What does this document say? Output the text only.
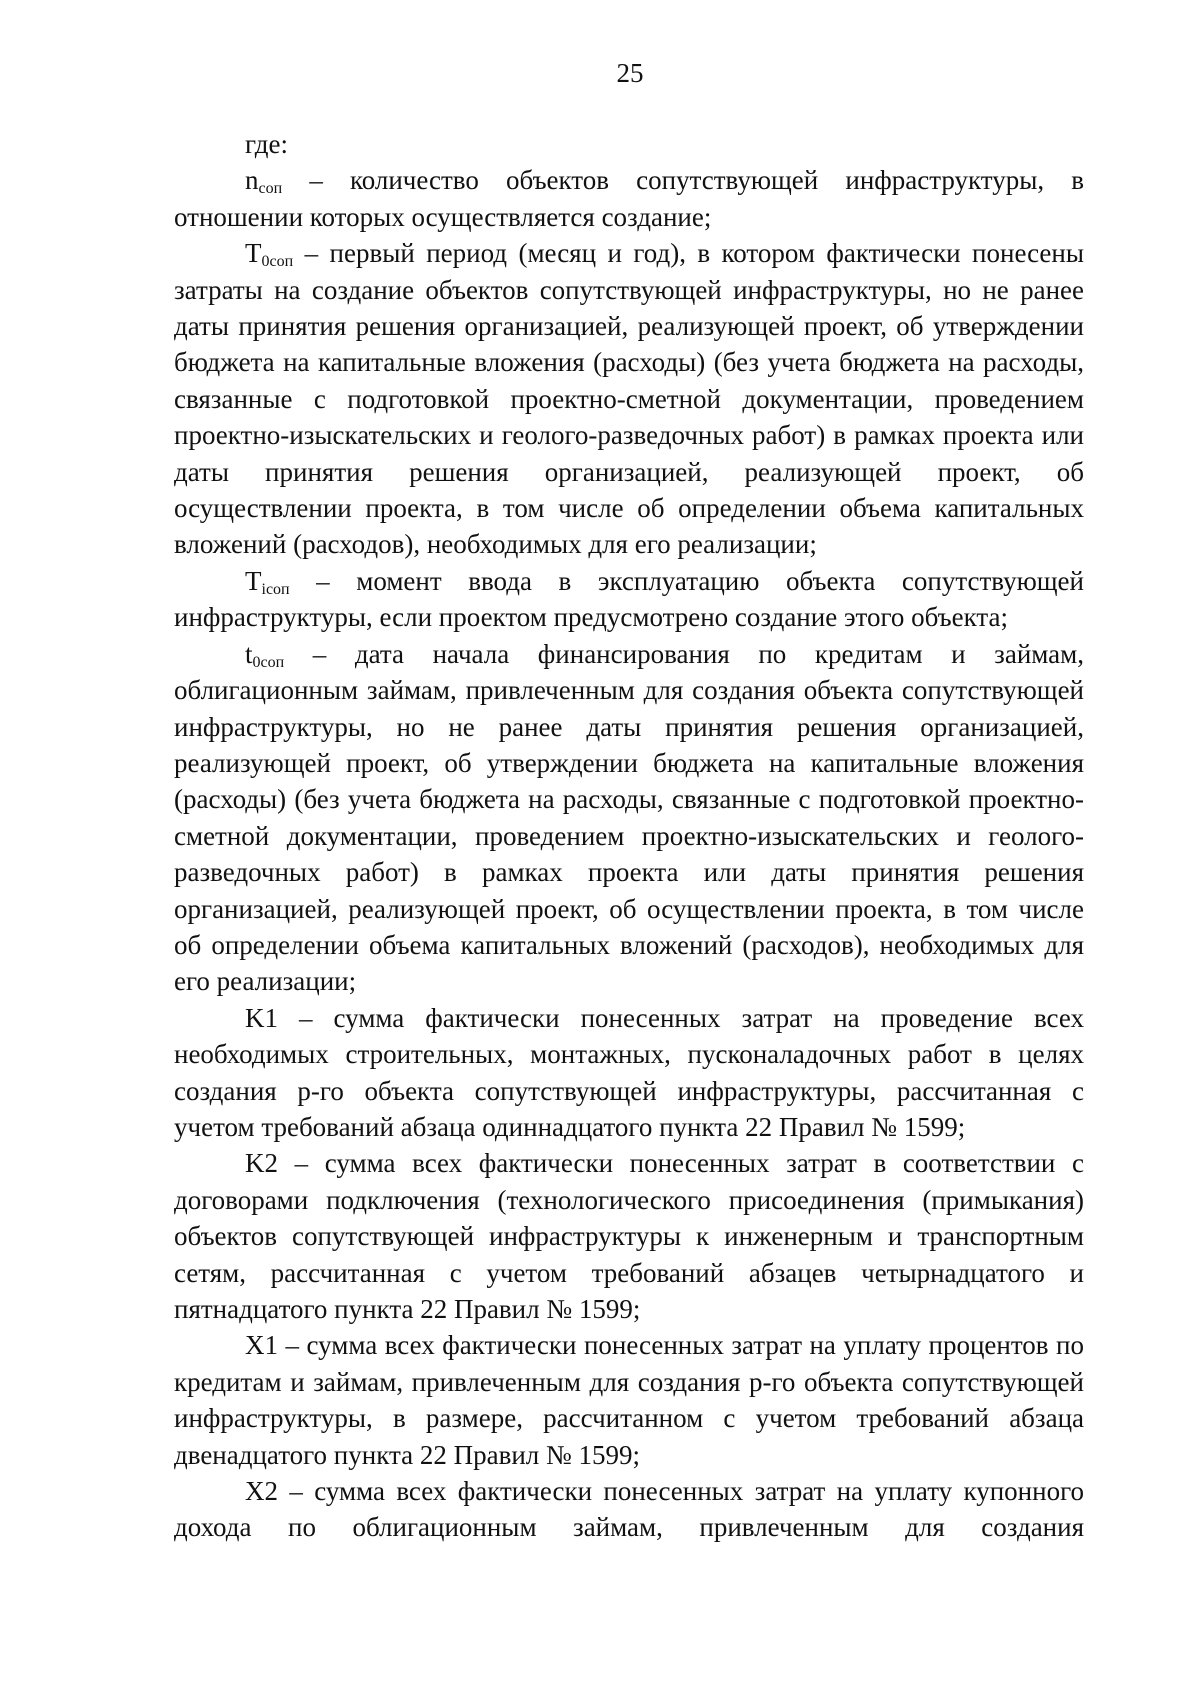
25

где:

nсоп – количество объектов сопутствующей инфраструктуры, в отношении которых осуществляется создание;

T0соп – первый период (месяц и год), в котором фактически понесены затраты на создание объектов сопутствующей инфраструктуры, но не ранее даты принятия решения организацией, реализующей проект, об утверждении бюджета на капитальные вложения (расходы) (без учета бюджета на расходы, связанные с подготовкой проектно-сметной документации, проведением проектно-изыскательских и геолого-разведочных работ) в рамках проекта или даты принятия решения организацией, реализующей проект, об осуществлении проекта, в том числе об определении объема капитальных вложений (расходов), необходимых для его реализации;

Tiсоп – момент ввода в эксплуатацию объекта сопутствующей инфраструктуры, если проектом предусмотрено создание этого объекта;

t0соп – дата начала финансирования по кредитам и займам, облигационным займам, привлеченным для создания объекта сопутствующей инфраструктуры, но не ранее даты принятия решения организацией, реализующей проект, об утверждении бюджета на капитальные вложения (расходы) (без учета бюджета на расходы, связанные с подготовкой проектно-сметной документации, проведением проектно-изыскательских и геолого-разведочных работ) в рамках проекта или даты принятия решения организацией, реализующей проект, об осуществлении проекта, в том числе об определении объема капитальных вложений (расходов), необходимых для его реализации;

K1 – сумма фактически понесенных затрат на проведение всех необходимых строительных, монтажных, пусконаладочных работ в целях создания р-го объекта сопутствующей инфраструктуры, рассчитанная с учетом требований абзаца одиннадцатого пункта 22 Правил № 1599;

K2 – сумма всех фактически понесенных затрат в соответствии с договорами подключения (технологического присоединения (примыкания) объектов сопутствующей инфраструктуры к инженерным и транспортным сетям, рассчитанная с учетом требований абзацев четырнадцатого и пятнадцатого пункта 22 Правил № 1599;

X1 – сумма всех фактически понесенных затрат на уплату процентов по кредитам и займам, привлеченным для создания р-го объекта сопутствующей инфраструктуры, в размере, рассчитанном с учетом требований абзаца двенадцатого пункта 22 Правил № 1599;

X2 – сумма всех фактически понесенных затрат на уплату купонного дохода по облигационным займам, привлеченным для создания
